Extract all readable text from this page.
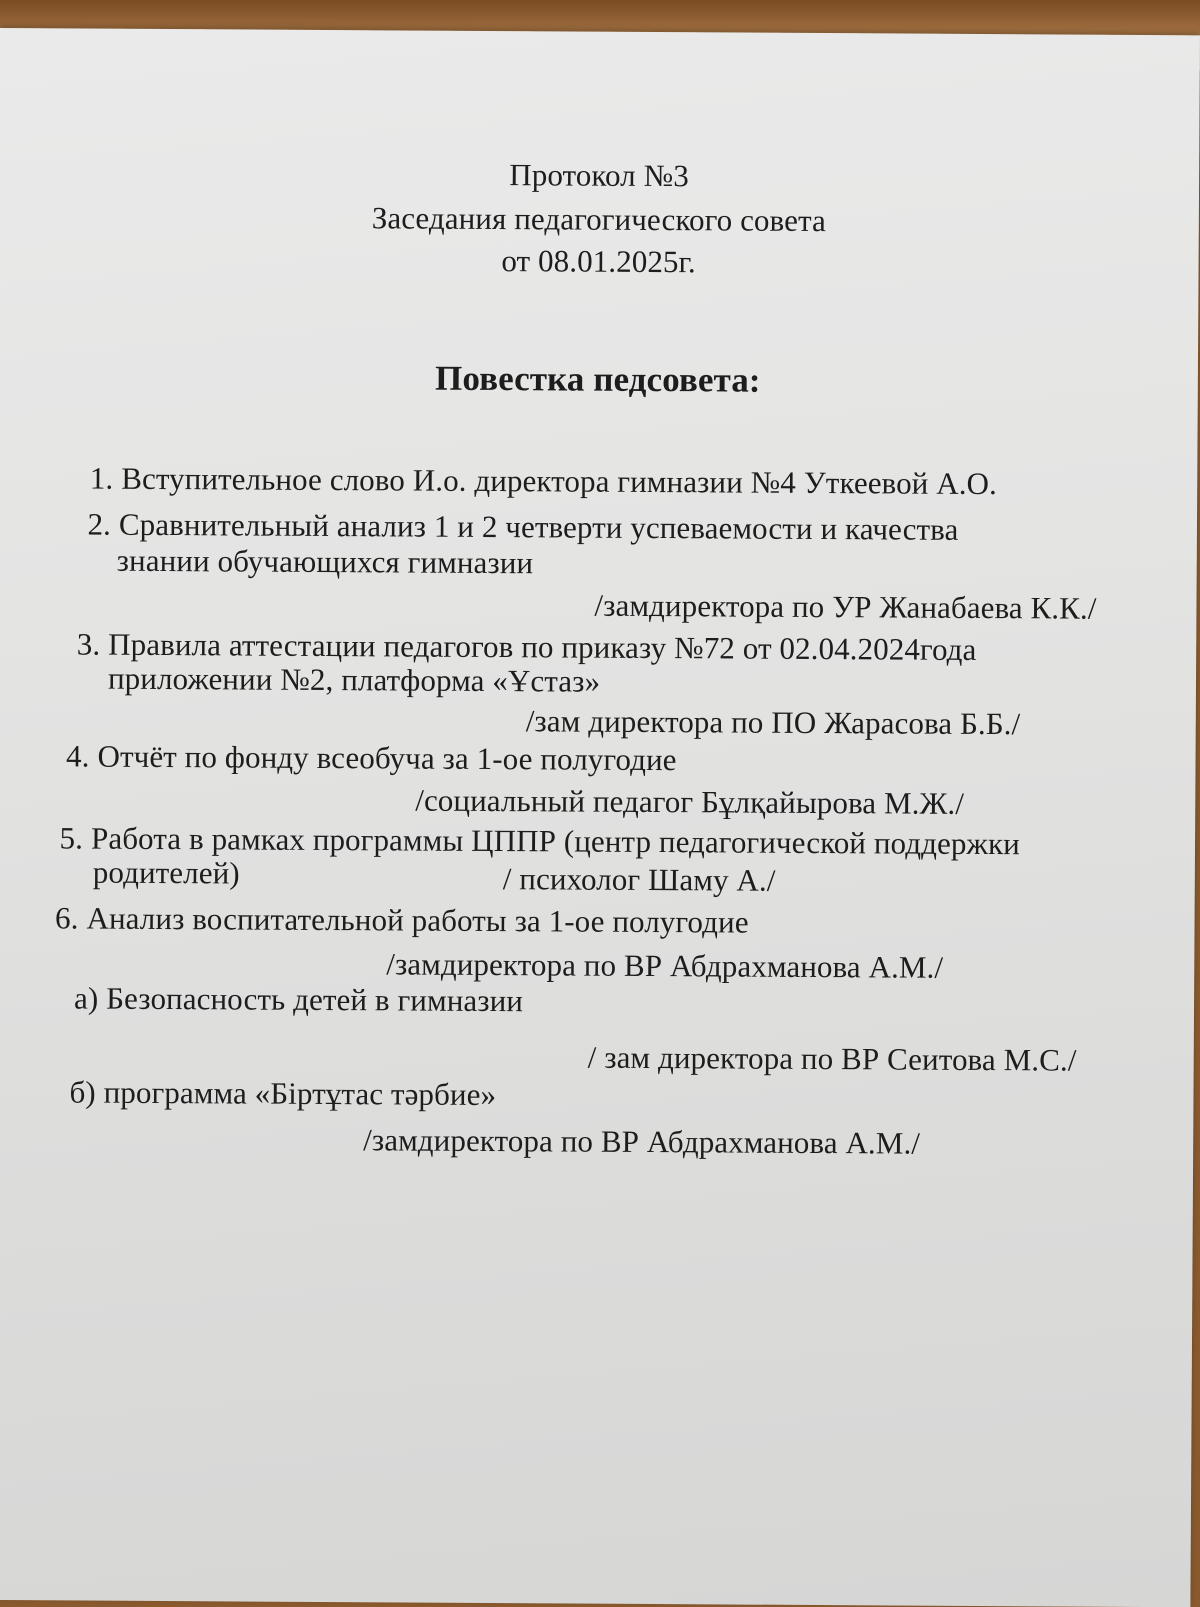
Протокол №3
Заседания педагогического совета
от 08.01.2025г.
Повестка педсовета:
1. Вступительное слово И.о. директора гимназии №4 Уткеевой А.О.
2. Сравнительный анализ 1 и 2 четверти успеваемости и качества
знании обучающихся гимназии
/замдиректора по УР Жанабаева К.К./
3. Правила аттестации педагогов по приказу №72 от 02.04.2024года
приложении №2, платформа «Ұстаз»
/зам директора по ПО Жарасова Б.Б./
4. Отчёт по фонду всеобуча за 1-ое полугодие
/социальный педагог Бұлқайырова М.Ж./
5. Работа в рамках программы ЦППР (центр педагогической поддержки
родителей)	/ психолог Шаму А./
6. Анализ воспитательной работы за 1-ое полугодие
/замдиректора по ВР Абдрахманова А.М./
а) Безопасность детей в гимназии
/ зам директора по ВР Сеитова М.С./
б) программа «Біртұтас тәрбие»
/замдиректора по ВР Абдрахманова А.М./
